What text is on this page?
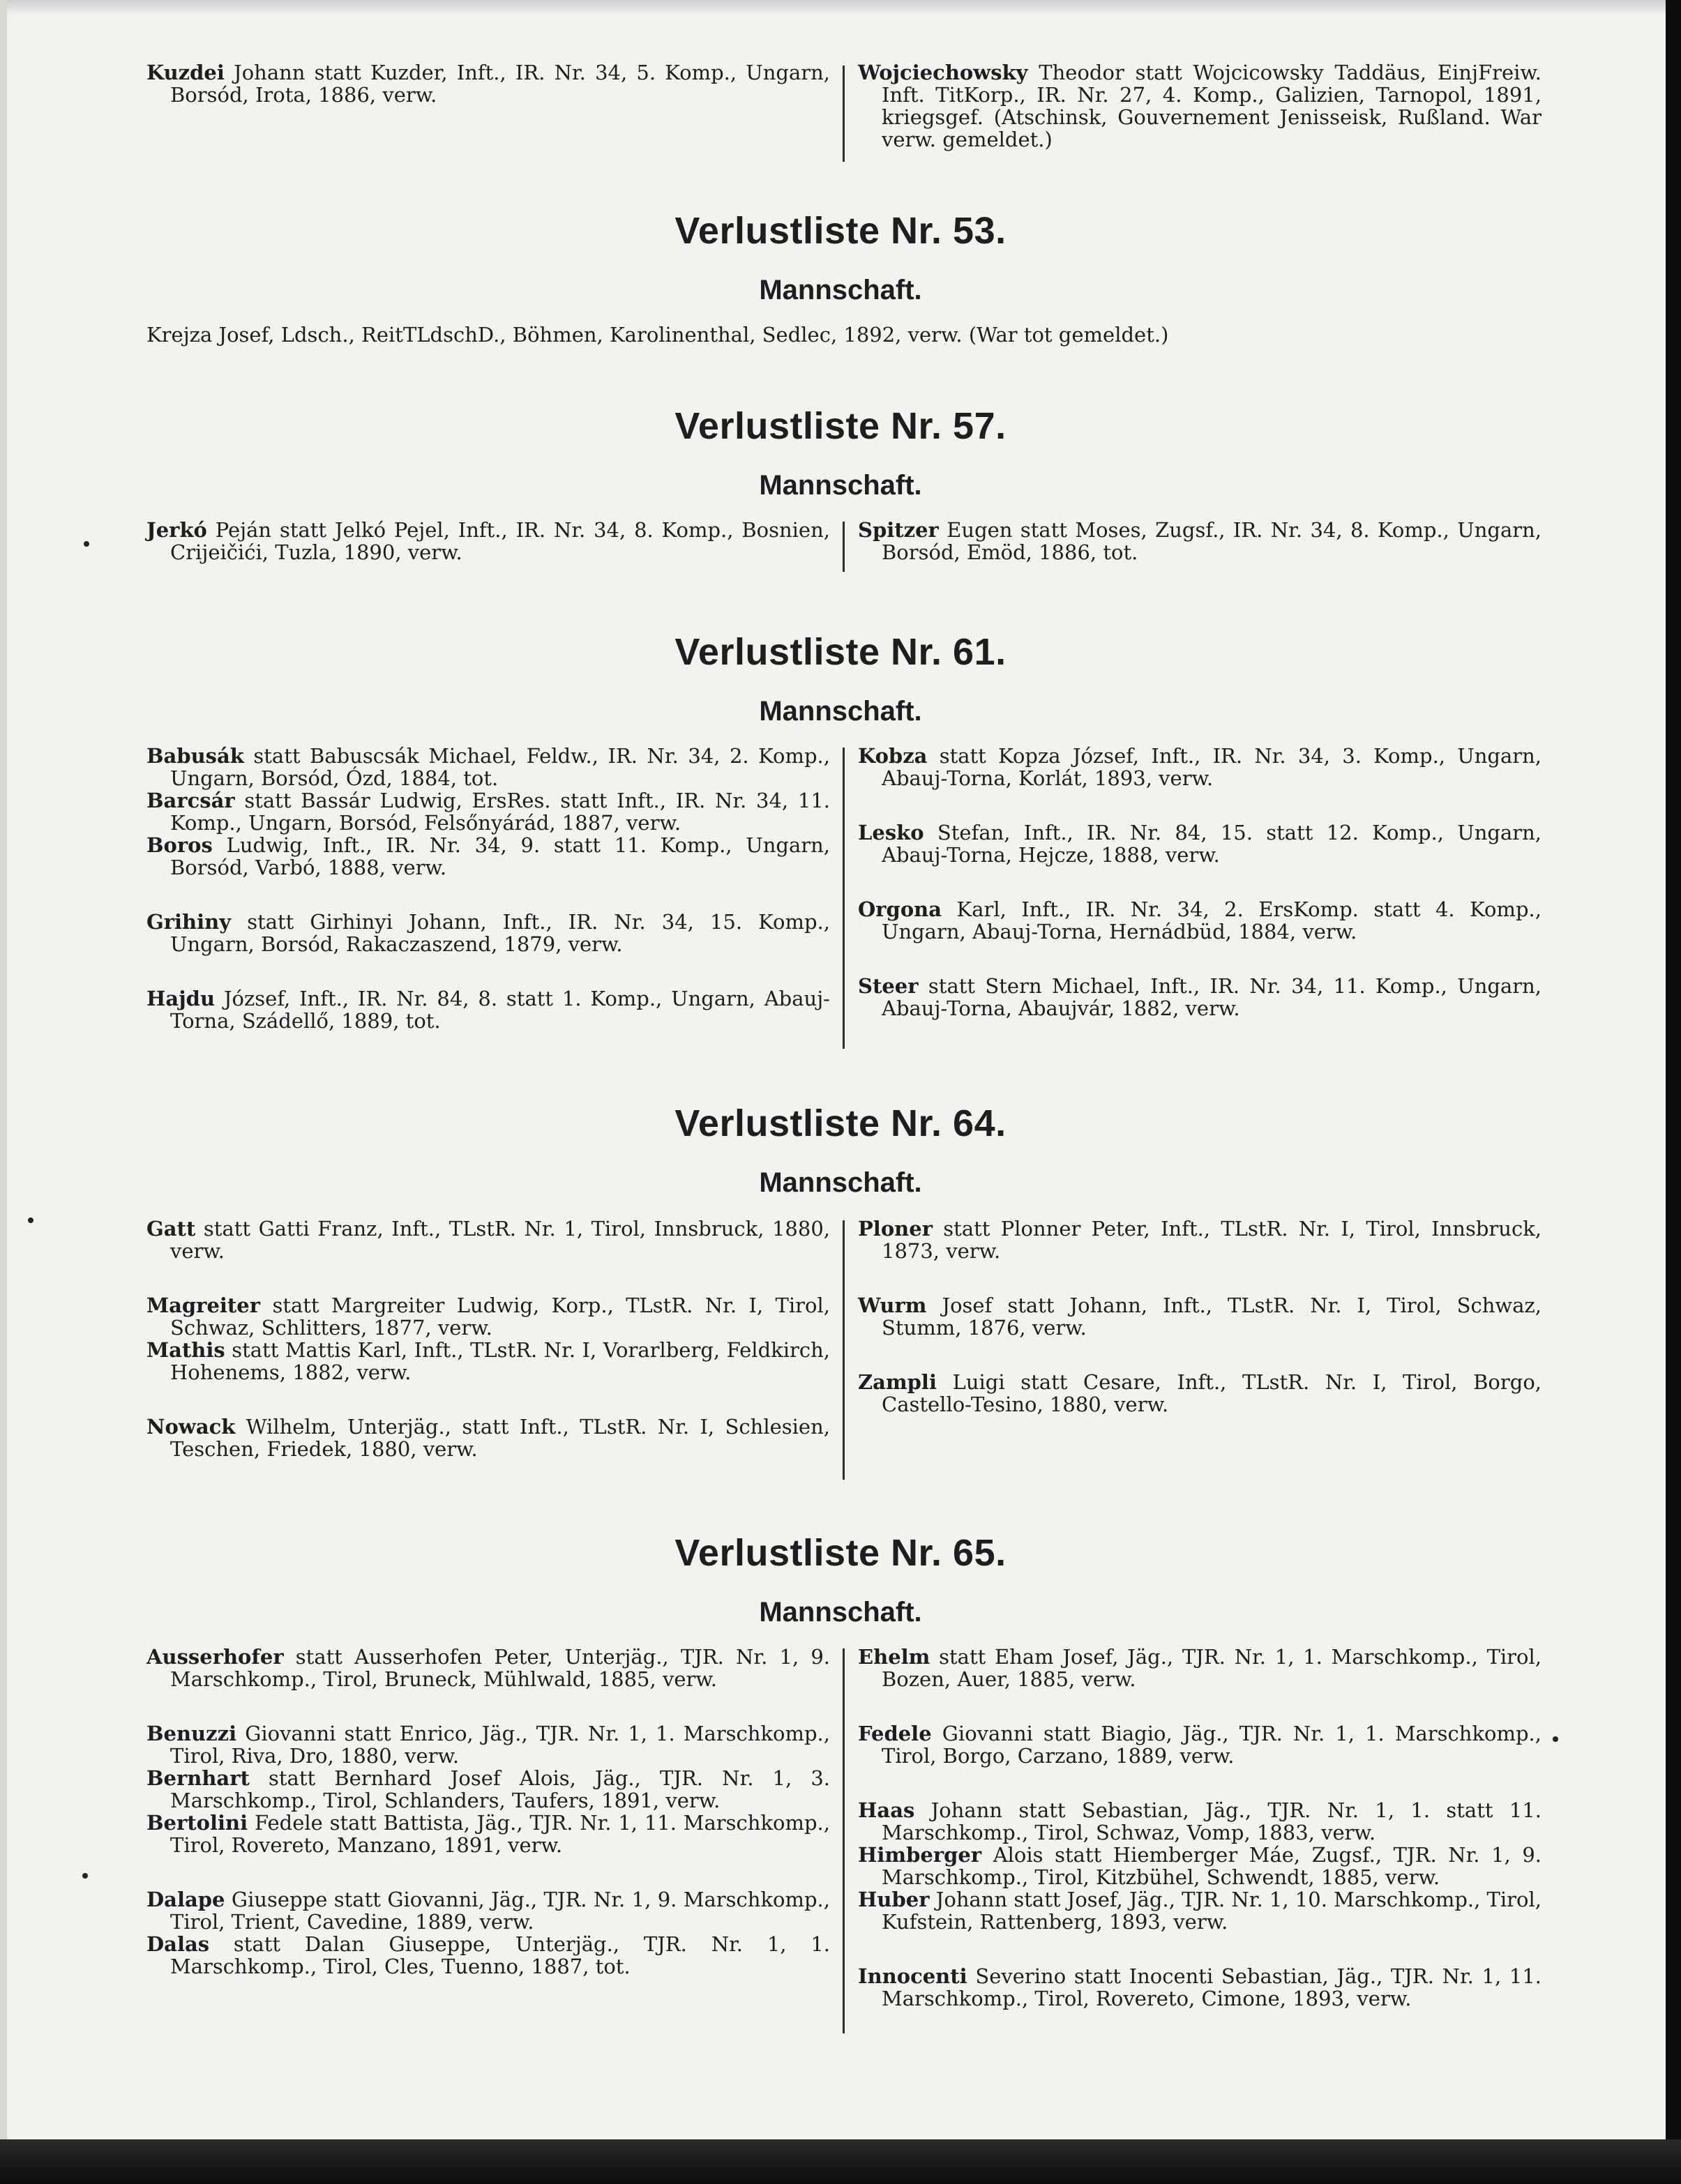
Kuzdei Johann statt Kuzder, Inft., IR. Nr. 34, 5. Komp., Ungarn, Borsód, Irota, 1886, verw.

Wojciechowsky Theodor statt Wojcicowsky Taddäus, EinjFreiw. Inft. TitKorp., IR. Nr. 27, 4. Komp., Galizien, Tarnopol, 1891, kriegsgef. (Atschinsk, Gouvernement Jenisseisk, Rußland. War verw. gemeldet.)

Verlustliste Nr. 53.
Mannschaft.
Krejza Josef, Ldsch., ReitTLdschD., Böhmen, Karolinenthal, Sedlec, 1892, verw. (War tot gemeldet.)
Verlustliste Nr. 57.
Mannschaft.

Jerkó Peján statt Jelkó Pejel, Inft., IR. Nr. 34, 8. Komp., Bosnien, Crijeičići, Tuzla, 1890, verw.

Spitzer Eugen statt Moses, Zugsf., IR. Nr. 34, 8. Komp., Ungarn, Borsód, Emöd, 1886, tot.

Verlustliste Nr. 61.
Mannschaft.

Babusák statt Babuscsák Michael, Feldw., IR. Nr. 34, 2. Komp., Ungarn, Borsód, Ózd, 1884, tot.

Barcsár statt Bassár Ludwig, ErsRes. statt Inft., IR. Nr. 34, 11. Komp., Ungarn, Borsód, Felsőnyárád, 1887, verw.

Boros Ludwig, Inft., IR. Nr. 34, 9. statt 11. Komp., Ungarn, Borsód, Varbó, 1888, verw.

Grihiny statt Girhinyi Johann, Inft., IR. Nr. 34, 15. Komp., Ungarn, Borsód, Rakaczaszend, 1879, verw.

Hajdu József, Inft., IR. Nr. 84, 8. statt 1. Komp., Ungarn, Abauj-Torna, Szádellő, 1889, tot.

Kobza statt Kopza József, Inft., IR. Nr. 34, 3. Komp., Ungarn, Abauj-Torna, Korlát, 1893, verw.

Lesko Stefan, Inft., IR. Nr. 84, 15. statt 12. Komp., Ungarn, Abauj-Torna, Hejcze, 1888, verw.

Orgona Karl, Inft., IR. Nr. 34, 2. ErsKomp. statt 4. Komp., Ungarn, Abauj-Torna, Hernádbüd, 1884, verw.

Steer statt Stern Michael, Inft., IR. Nr. 34, 11. Komp., Ungarn, Abauj-Torna, Abaujvár, 1882, verw.

Verlustliste Nr. 64.
Mannschaft.

Gatt statt Gatti Franz, Inft., TLstR. Nr. 1, Tirol, Innsbruck, 1880, verw.

Magreiter statt Margreiter Ludwig, Korp., TLstR. Nr. I, Tirol, Schwaz, Schlitters, 1877, verw.

Mathis statt Mattis Karl, Inft., TLstR. Nr. I, Vorarlberg, Feldkirch, Hohenems, 1882, verw.

Nowack Wilhelm, Unterjäg., statt Inft., TLstR. Nr. I, Schlesien, Teschen, Friedek, 1880, verw.

Ploner statt Plonner Peter, Inft., TLstR. Nr. I, Tirol, Innsbruck, 1873, verw.

Wurm Josef statt Johann, Inft., TLstR. Nr. I, Tirol, Schwaz, Stumm, 1876, verw.

Zampli Luigi statt Cesare, Inft., TLstR. Nr. I, Tirol, Borgo, Castello-Tesino, 1880, verw.

Verlustliste Nr. 65.
Mannschaft.

Ausserhofer statt Ausserhofen Peter, Unterjäg., TJR. Nr. 1, 9. Marschkomp., Tirol, Bruneck, Mühlwald, 1885, verw.

Benuzzi Giovanni statt Enrico, Jäg., TJR. Nr. 1, 1. Marschkomp., Tirol, Riva, Dro, 1880, verw.

Bernhart statt Bernhard Josef Alois, Jäg., TJR. Nr. 1, 3. Marschkomp., Tirol, Schlanders, Taufers, 1891, verw.

Bertolini Fedele statt Battista, Jäg., TJR. Nr. 1, 11. Marschkomp., Tirol, Rovereto, Manzano, 1891, verw.

Dalape Giuseppe statt Giovanni, Jäg., TJR. Nr. 1, 9. Marschkomp., Tirol, Trient, Cavedine, 1889, verw.

Dalas statt Dalan Giuseppe, Unterjäg., TJR. Nr. 1, 1. Marschkomp., Tirol, Cles, Tuenno, 1887, tot.

Ehelm statt Eham Josef, Jäg., TJR. Nr. 1, 1. Marschkomp., Tirol, Bozen, Auer, 1885, verw.

Fedele Giovanni statt Biagio, Jäg., TJR. Nr. 1, 1. Marschkomp., Tirol, Borgo, Carzano, 1889, verw.

Haas Johann statt Sebastian, Jäg., TJR. Nr. 1, 1. statt 11. Marschkomp., Tirol, Schwaz, Vomp, 1883, verw.

Himberger Alois statt Hiemberger Máe, Zugsf., TJR. Nr. 1, 9. Marschkomp., Tirol, Kitzbühel, Schwendt, 1885, verw.

Huber Johann statt Josef, Jäg., TJR. Nr. 1, 10. Marschkomp., Tirol, Kufstein, Rattenberg, 1893, verw.

Innocenti Severino statt Inocenti Sebastian, Jäg., TJR. Nr. 1, 11. Marschkomp., Tirol, Rovereto, Cimone, 1893, verw.
